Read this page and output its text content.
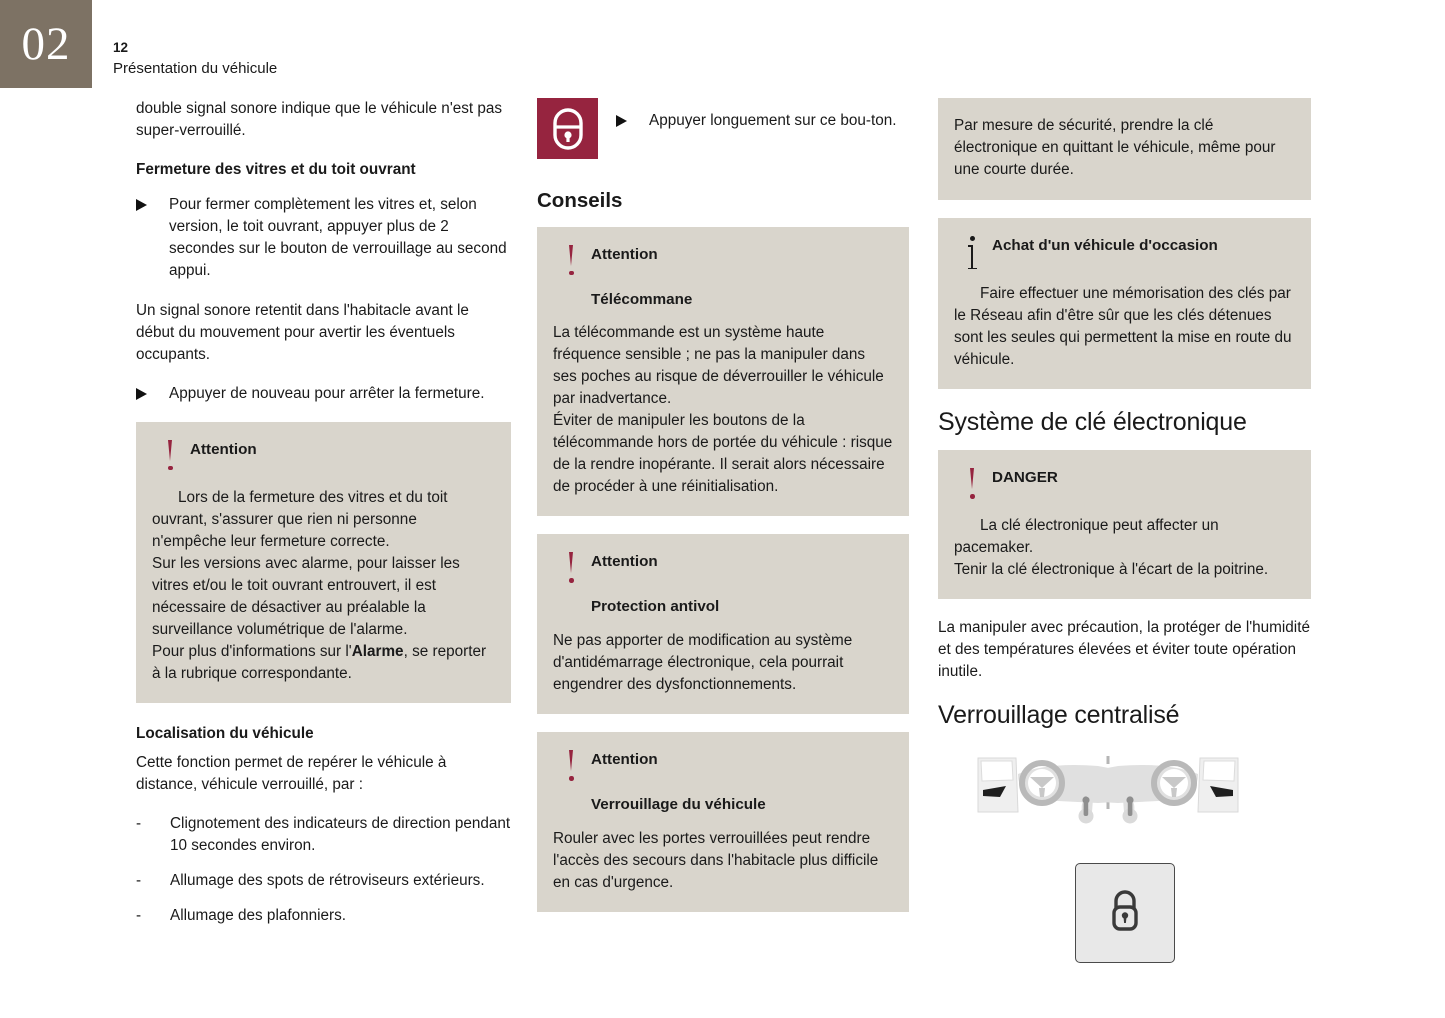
02	12
Présentation du véhicule

double signal sonore indique que le véhicule n'est pas super-verrouillé.

Fermeture des vitres et du toit ouvrant
Pour fermer complètement les vitres et, selon version, le toit ouvrant, appuyer plus de 2 secondes sur le bouton de verrouillage au second appui.

Un signal sonore retentit dans l'habitacle avant le début du mouvement pour avertir les éventuels occupants.

Appuyer de nouveau pour arrêter la fermeture.
Attention
Lors de la fermeture des vitres et du toit ouvrant, s'assurer que rien ni personne n'empêche leur fermeture correcte.
Sur les versions avec alarme, pour laisser les vitres et/ou le toit ouvrant entrouvert, il est nécessaire de désactiver au préalable la surveillance volumétrique de l'alarme.
Pour plus d'informations sur l'Alarme, se reporter à la rubrique correspondante.
Localisation du véhicule

Cette fonction permet de repérer le véhicule à distance, véhicule verrouillé, par :

-	Clignotement des indicateurs de direction pendant 10 secondes environ.
-	Allumage des spots de rétroviseurs extérieurs.
-	Allumage des plafonniers.
Appuyer longuement sur ce bou-ton.
Conseils
Attention
Télécommane
La télécommande est un système haute fréquence sensible ; ne pas la manipuler dans ses poches au risque de déverrouiller le véhicule par inadvertance.
Éviter de manipuler les boutons de la télécommande hors de portée du véhicule : risque de la rendre inopérante. Il serait alors nécessaire de procéder à une réinitialisation.
Attention
Protection antivol
Ne pas apporter de modification au système d'antidémarrage électronique, cela pourrait engendrer des dysfonctionnements.
Attention
Verrouillage du véhicule
Rouler avec les portes verrouillées peut rendre l'accès des secours dans l'habitacle plus difficile en cas d'urgence.
Par mesure de sécurité, prendre la clé électronique en quittant le véhicule, même pour une courte durée.
Achat d'un véhicule d'occasion
Faire effectuer une mémorisation des clés par le Réseau afin d'être sûr que les clés détenues sont les seules qui permettent la mise en route du véhicule.
Système de clé électronique
DANGER
La clé électronique peut affecter un pacemaker.
Tenir la clé électronique à l'écart de la poitrine.

La manipuler avec précaution, la protéger de l'humidité et des températures élevées et éviter toute opération inutile.

Verrouillage centralisé
